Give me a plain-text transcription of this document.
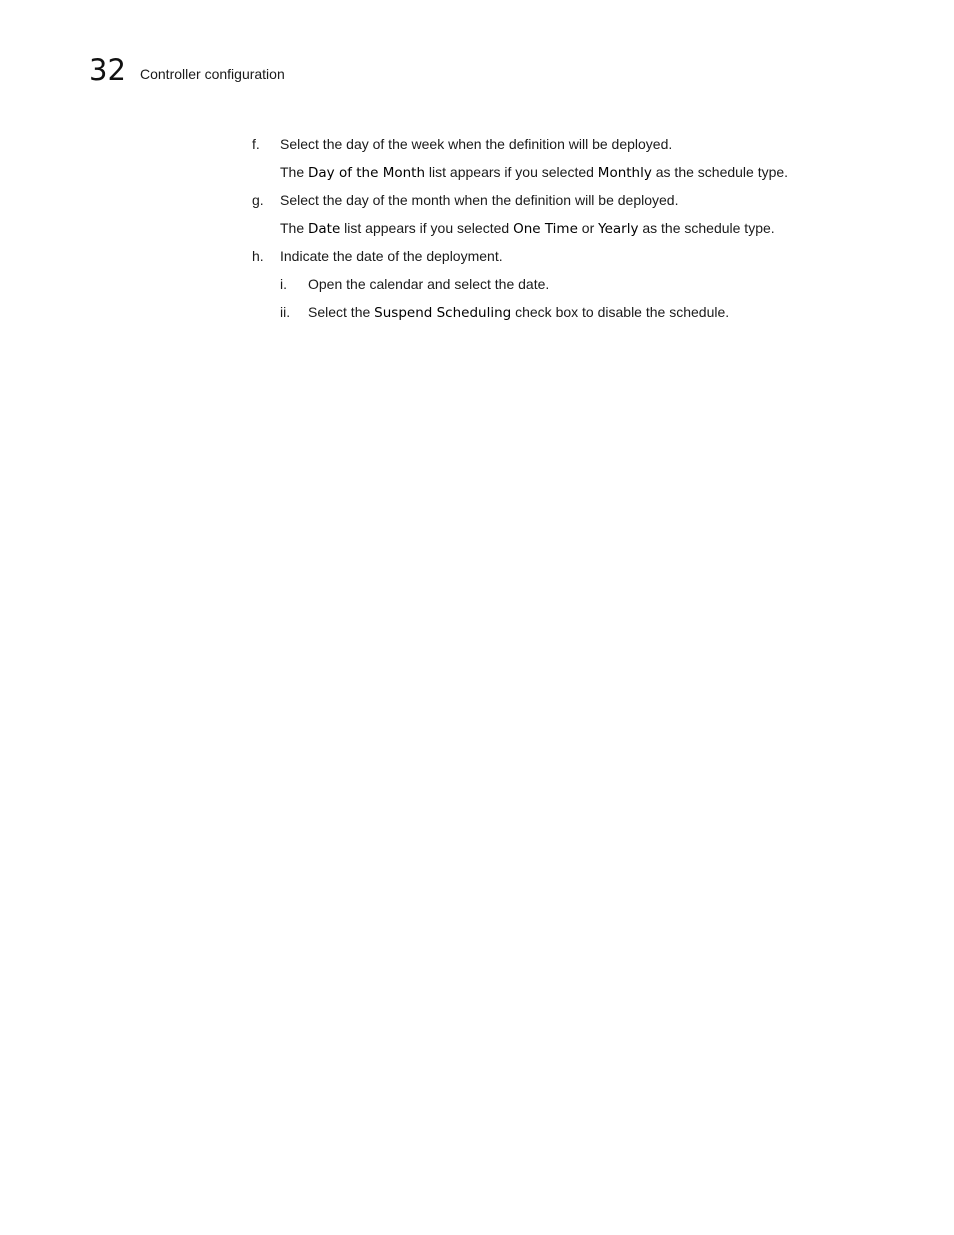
32 Controller configuration
f. Select the day of the week when the definition will be deployed.
The Day of the Month list appears if you selected Monthly as the schedule type.
g. Select the day of the month when the definition will be deployed.
The Date list appears if you selected One Time or Yearly as the schedule type.
h. Indicate the date of the deployment.
i. Open the calendar and select the date.
ii. Select the Suspend Scheduling check box to disable the schedule.
